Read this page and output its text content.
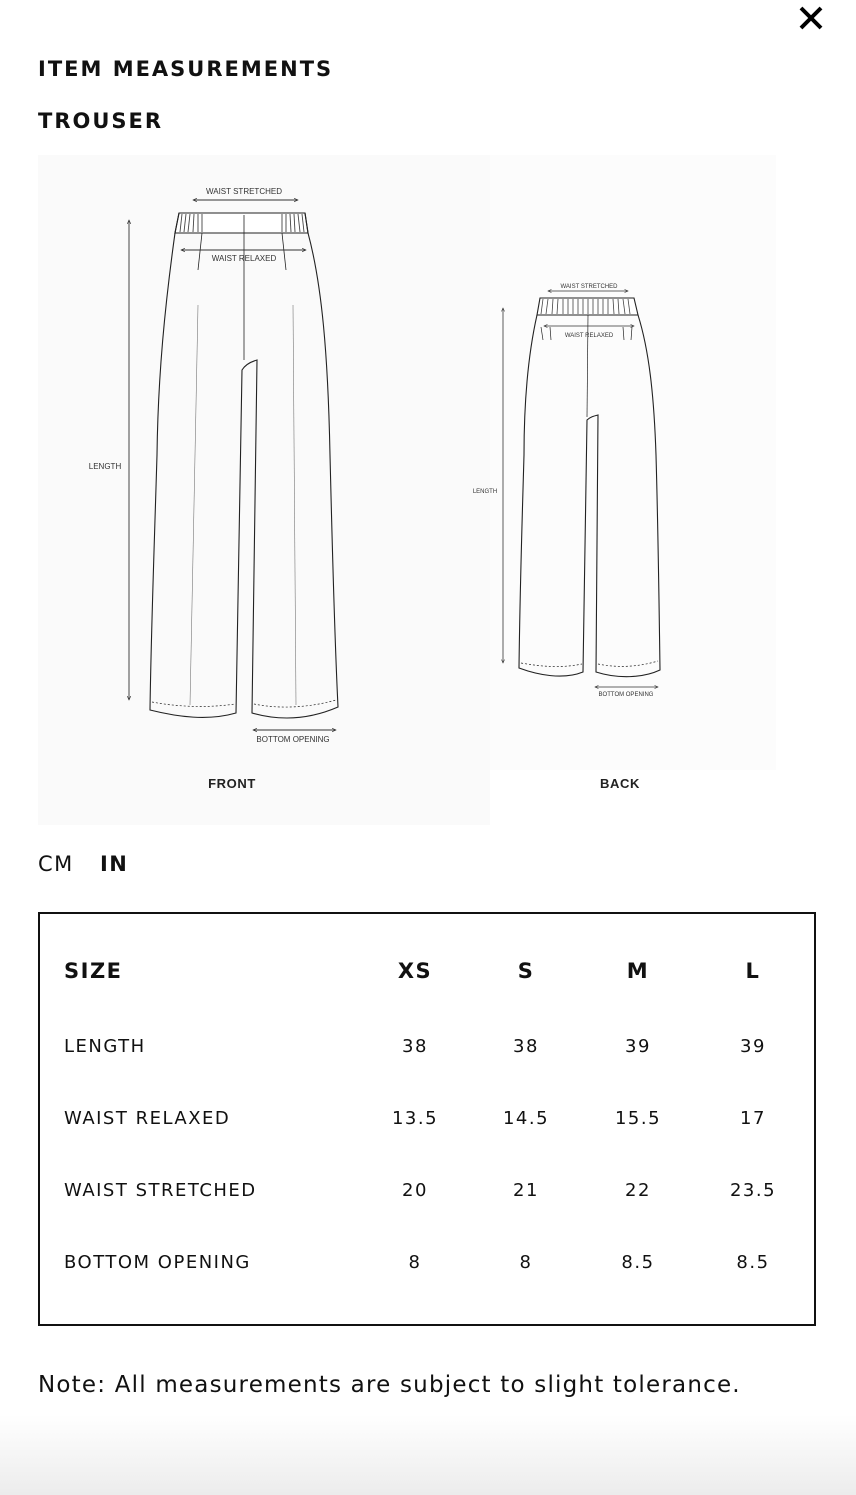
ITEM MEASUREMENTS
TROUSER
WAIST STRETCHED
WAIST RELAXED
LENGTH
BOTTOM OPENING
FRONT
WAIST STRETCHED
WAIST RELAXED
LENGTH
BOTTOM OPENING
BACK
CM IN
SIZE	XS	S	M	L
LENGTH	38	38	39	39
WAIST RELAXED	13.5	14.5	15.5	17
WAIST STRETCHED	20	21	22	23.5
BOTTOM OPENING	8	8	8.5	8.5

Note: All measurements are subject to slight tolerance.
